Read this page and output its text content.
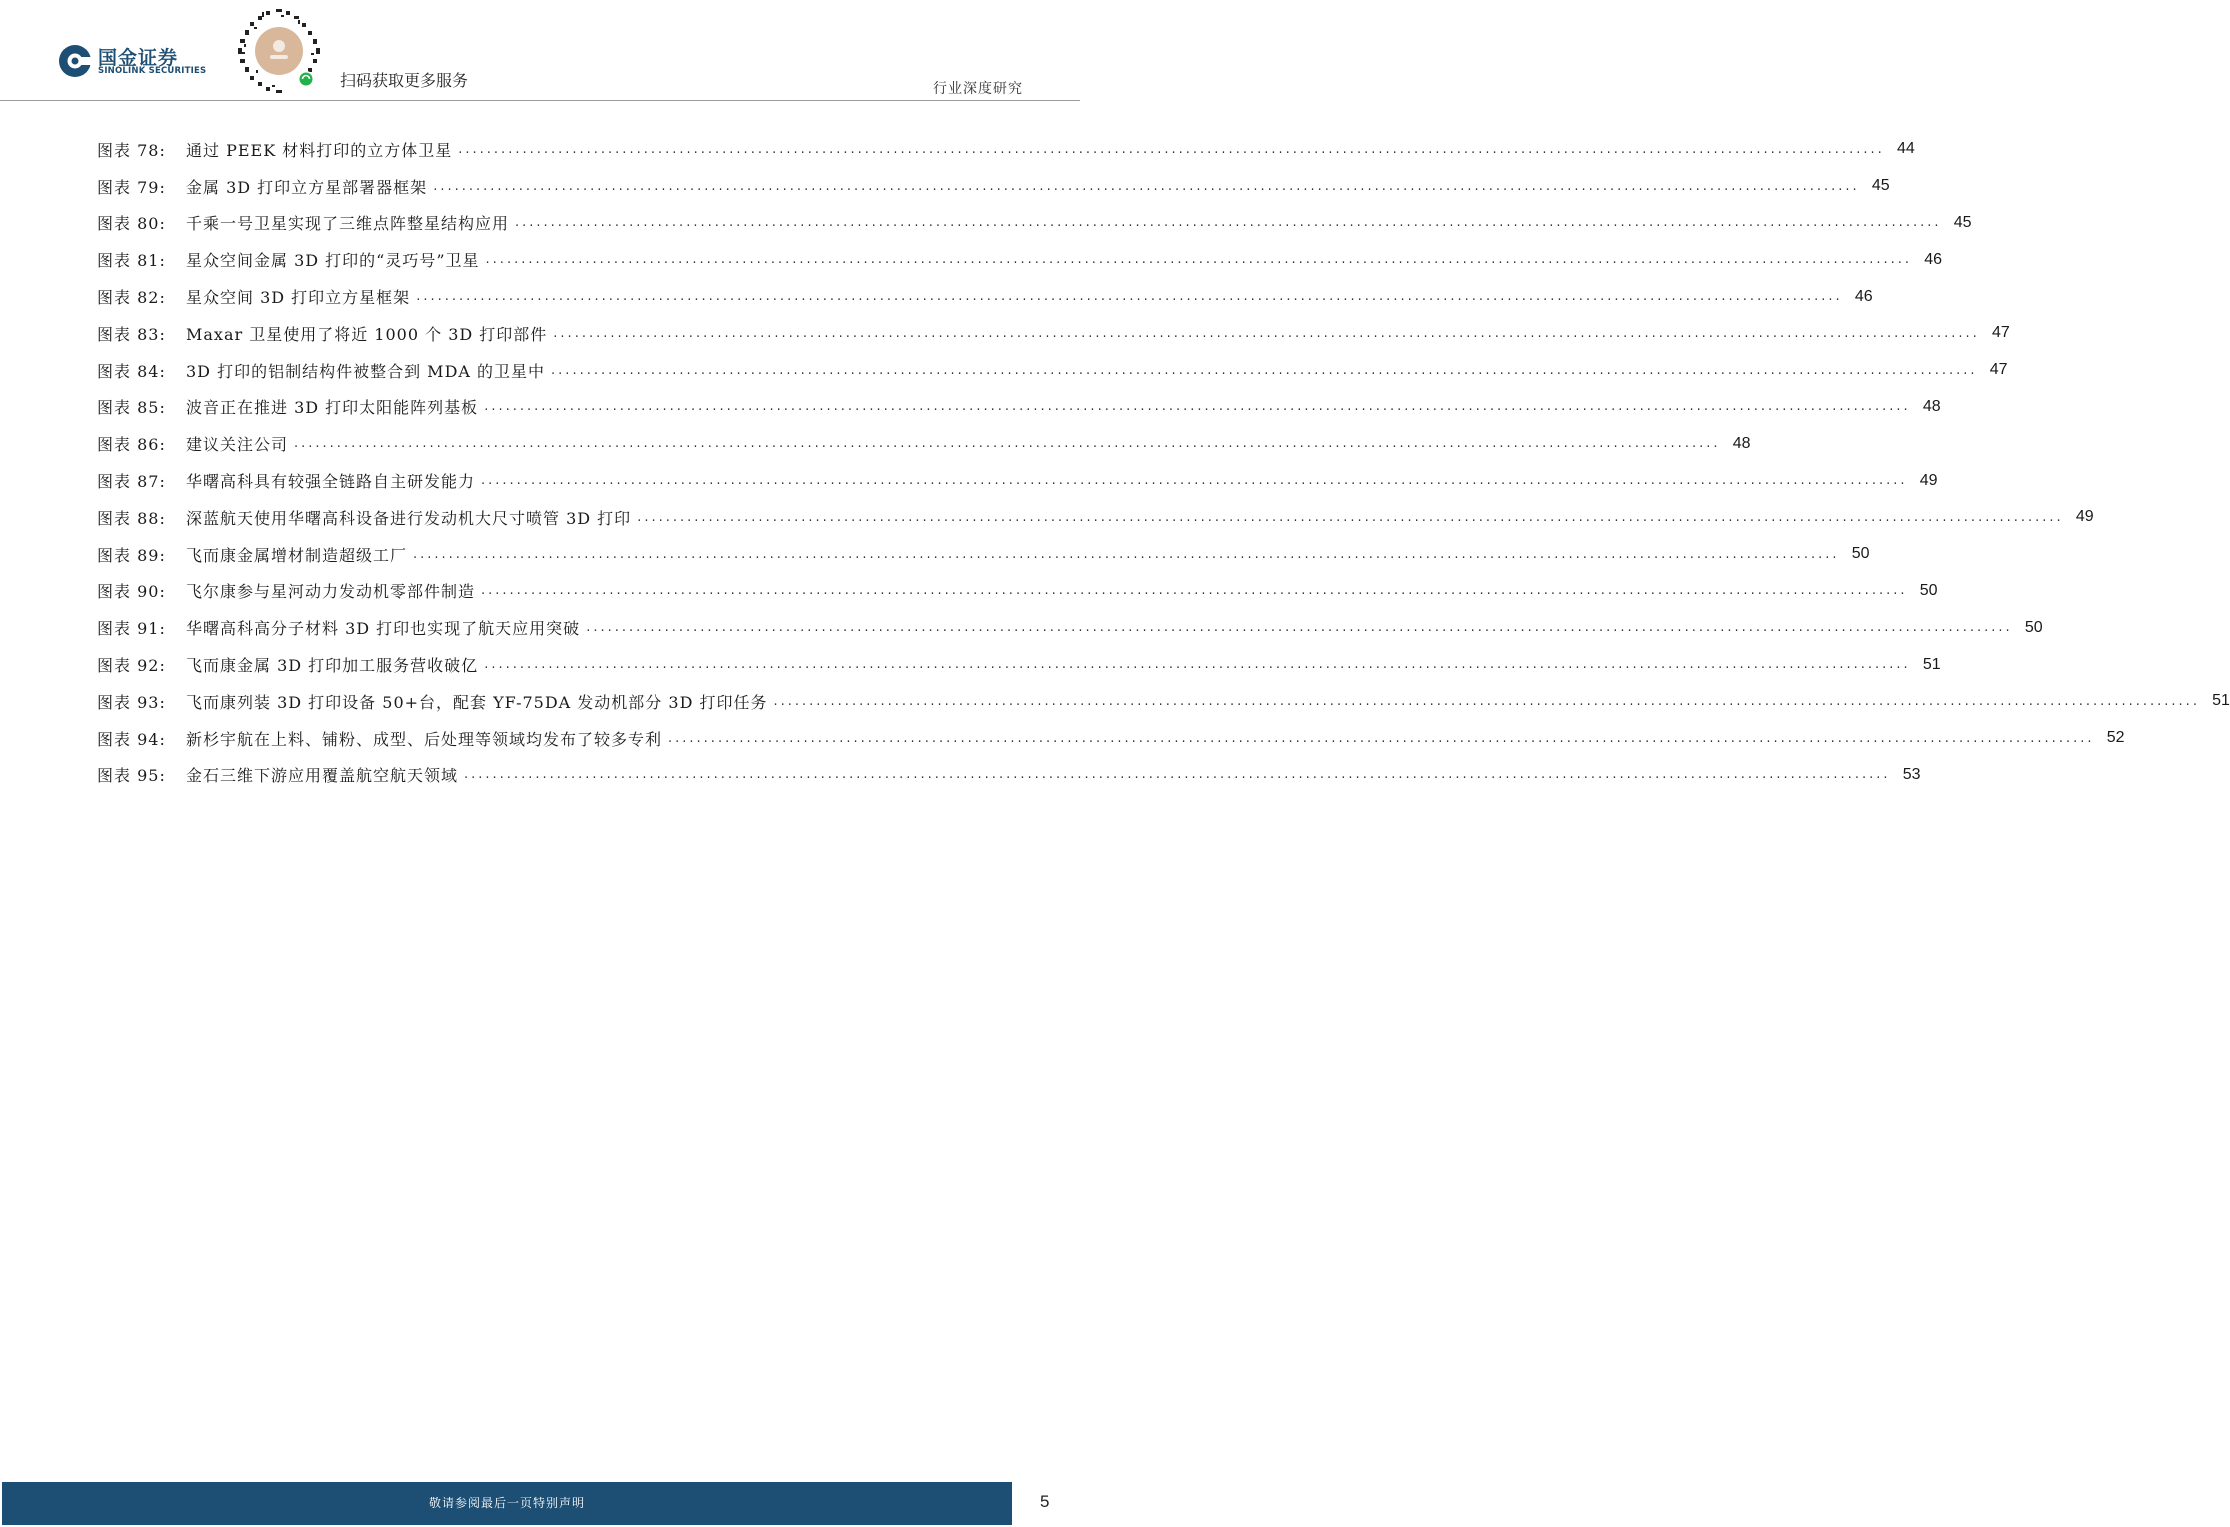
国金证券
SINOLINK SECURITIES	扫码获取更多服务	行业深度研究
图表 78:	通过 PEEK 材料打印的立方体卫星 ........................................................................................................................................................................................................ 44
图表 79:	金属 3D 打印立方星部署器框架 ........................................................................................................................................................................................................ 45
图表 80:	千乘一号卫星实现了三维点阵整星结构应用 ........................................................................................................................................................................................................ 45
图表 81:	星众空间金属 3D 打印的“灵巧号”卫星 ........................................................................................................................................................................................................ 46
图表 82:	星众空间 3D 打印立方星框架 ........................................................................................................................................................................................................ 46
图表 83:	Maxar 卫星使用了将近 1000 个 3D 打印部件 ........................................................................................................................................................................................................ 47
图表 84:	3D 打印的铝制结构件被整合到 MDA 的卫星中 ........................................................................................................................................................................................................ 47
图表 85:	波音正在推进 3D 打印太阳能阵列基板 ........................................................................................................................................................................................................ 48
图表 86:	建议关注公司 ........................................................................................................................................................................................................ 48
图表 87:	华曙高科具有较强全链路自主研发能力 ........................................................................................................................................................................................................ 49
图表 88:	深蓝航天使用华曙高科设备进行发动机大尺寸喷管 3D 打印 ........................................................................................................................................................................................................ 49
图表 89:	飞而康金属增材制造超级工厂 ........................................................................................................................................................................................................ 50
图表 90:	飞尔康参与星河动力发动机零部件制造 ........................................................................................................................................................................................................ 50
图表 91:	华曙高科高分子材料 3D 打印也实现了航天应用突破 ........................................................................................................................................................................................................ 50
图表 92:	飞而康金属 3D 打印加工服务营收破亿 ........................................................................................................................................................................................................ 51
图表 93:	飞而康列装 3D 打印设备 50+台，配套 YF-75DA 发动机部分 3D 打印任务 ........................................................................................................................................................................................................ 51
图表 94:	新杉宇航在上料、铺粉、成型、后处理等领域均发布了较多专利 ........................................................................................................................................................................................................ 52
图表 95:	金石三维下游应用覆盖航空航天领域 ........................................................................................................................................................................................................ 53
敬请参阅最后一页特别声明	5
